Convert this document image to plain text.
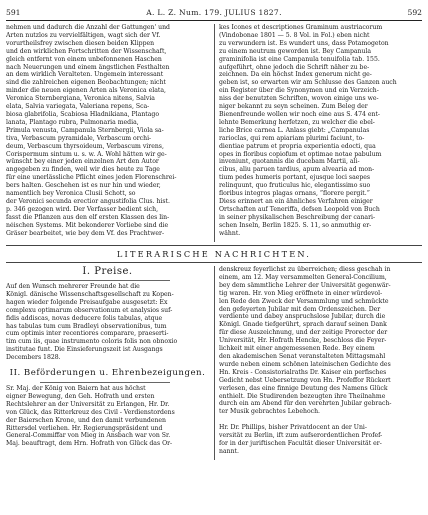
591	A. L. Z. Num. 179. JULIUS 1827.	592
nehmen und dadurch die Anzahl der Gattungen' und
Arten nutzlos zu vervielfältigen, wagt sich der Vf.
vorurtheilsfrey zwischen diesen beiden Klippen
und den wirklichen Fortschritten der Wissenschaft,
gleich entfernt von einem unbefonnenen Haschen
nach Neuerungen und einem ängstlichen Festhalten
an dem wirklich Veralteten. Ungemein interessant
sind die zahlreichen eigenen Beobachtungen; nicht
minder die neuen eigenen Arten als Veronica elata,
Veronica Sternbergiana, Veronica nitens, Salvia
elata, Salvia variegata, Valeriana repens, Sca-
biosa glabrifolia, Scabiosa Hladnikiana, Plantago
lanata, Plantago rubra, Pulmonaria media,
Primula venusta, Campanula Sternbergii, Viola sa-
tiva, Verbascum pyramidale, Verbascum orchi-
deum, Verbascum thyrsoideum, Verbascum virens,
Corispermum sintum u. s. w. A. Wohl hätten wir ge-
wünscht bey einer jeden einzelnen Art den Autor
angegeben zu finden, weil wir dies heute zu Tage
für eine unerlässliche Pflicht eines jeden Florenschrei-
bers halten. Geschehen ist es nur hin und wieder,
namentlich bey Veronica Clusii Schott, so
der Veronici secunda erectior angustifolia Clus. hist.
p. 346 gezogen wird. Der Verfasser bedient sich,
fasst die Pflanzen aus den elf ersten Klassen des lin-
néischen Systems. Mit bekonderer Vorliebe sind die
Gräser bearbeitet, wie bey dem Vf. des Prachtwer-
kes Icones et descriptiones Graminum austriacorum
(Vindobonae 1801 — 5. 8 Vol. in Fol.) eben nicht
zu verwundern ist. Es wundert uns, dass Potamogeton
zu einem neutrum geworden ist. Bey Campanula
graminifolia ist eine Campanula tenuifolia tab. 155.
aufgeführt, ohne jedoch die Schrift näher zu be-
zeichnen. Da ein höchst Index generum nicht ge-
geben ist, so erwarten wir am Schlusse des Ganzen auch
ein Register über die Synonymen und ein Verzeich-
niss der benutzten Schriften, wovon einige uns we-
niger bekannt zu seyn scheinen. Zum Beleg der
Bienenfreunde wollen wir noch eine aus S. 474 ent-
lehnte Bemerkung herfetzen, zu welcher die ebel-
liche Brice carnea L. Anlass giebt: „Campanulas
rarioclas, qui rem apiariam plurimi faciunt, to-
dientiae patrum et propria experientia edocti, qua
opes in floribus copiofum et optimae notae pabulum
inveniunt, quotannis die ducebam Martii, ali-
cibus, aliu paruen tardius, apum alvearia ad mon-
tium pedes humeris portant, ejusque loci saepes
relinquunt, quo fruticulus hic, elegantissimo suo
floribus integros plagas ornans, ”florere pergit.”
Diess erinnert an ein ähnliches Verfahren einiger
Ortschaften auf Teneriffa, defsen Leopold von Buch
in seiner physikalischen Beschreibung der canari-
schen Inseln, Berlin 1825. S. 11, so anmuthig er-
wähnt.
LITERARISCHE NACHRICHTEN.
I. Preise.
Auf den Wunsch mehrerer Freunde hat die
Königl. dänische Wissenschaftsgesellschaft zu Kopen-
hagen wieder folgende Preisaufgabe ausgesetzt: Ex
complexu optimarum observationum et analysios suf-
fidis addiscas, novas deducere folis tabulas, atque
has tabulas tum cum Bradleyi observationibus, tum
cum optimis inter recentiores comparare, praeserti-
tim cum iis, quae instrumento coloris folis non obnoxio
institutae funt. Die Einsieferungszeit ist Ausgangs
Decembers 1828.
II. Beförderungen u. Ehrenbezeigungen.
Sr. Maj. der König von Baiern hat aus höchst
eigner Bewegung, den Geh. Hofrath und ersten
Rechtslehrer an der Universität zu Erlangen, Hr. Dr.
von Glück, das Ritterkreuz des Civil - Verdienstordens
der Baierschen Krone, und den damit verbundenen
Rittersdel verliehen. Hr. Regierungspräsident und
General-Commiffar von Mieg in Ansbach war von Sr.
Maj. beauftragt, dem Hrn. Hofrath von Glück das Or-
denskreuz feyerlichst zu überreichen; diess geschah in
einem, am 12. May versammelten General-Concilium,
bey dem sämmtliche Lehrer der Universität gegenwär-
tig waren. Hr. von Mieg eröffnete in einer würdevol-
len Rede den Zweck der Versammlung und schmückte
den gefeyerten Jubilar mit dem Ordenszeichen. Der
verdiente und dabey anspruchslose Jubilar, durch die
Königl. Gnade tiefgerührt, sprach darauf seinen Dank
für diese Auszeichnung, und der zeitige Prorector der
Universität, Hr. Hofrath Hencke, beschloss die Feyer-
lichkeit mit einer angemessenen Rede. Bey einem
den akademischen Senat veranstalteten Mittagsmahl
wurde neben einem schönen lateinischen Gedichte des
Hn. Kreis - Consistorialraths Dr. Kaiser ein perfisches
Gedicht nebst Uebersetzung von Hn. Profeffor Rückert
verlesen, das eine finnige Deutung des Namens Glück
enthielt. Die Studirenden bezeugten ihre Theilnahme
durch ein am Abend für den verehrten Jubilar gebrach-
ter Musik gebrachtes Lebehoch.

Hr. Dr. Phillips, bisher Privatdocent an der Uni-
versität zu Berlin, ift zum aufserordentlichen Profef-
for in der juriftischen Facultät dieser Universität er-
nannt.
